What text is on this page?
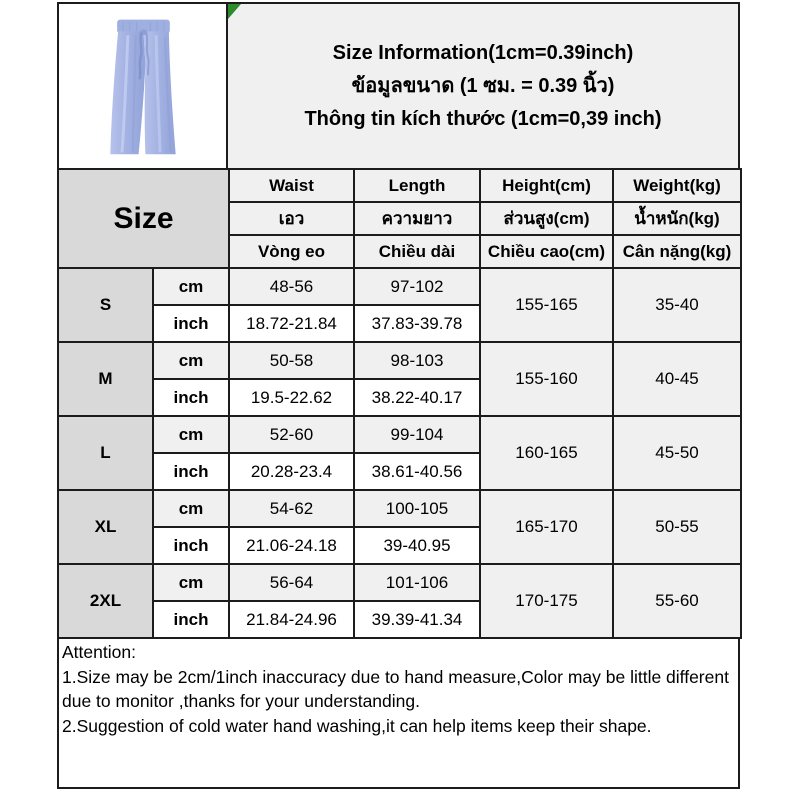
Size Information(1cm=0.39inch)
ข้อมูลขนาด (1 ซม. = 0.39 นิ้ว)
Thông tin kích thước (1cm=0,39 inch)
Size		Waist	Length	Height(cm)	Weight(kg)
		เอว	ความยาว	ส่วนสูง(cm)	น้ำหนัก(kg)
		Vòng eo	Chiều dài	Chiều cao(cm)	Cân nặng(kg)
S	cm	48-56	97-102	155-165	35-40
	inch	18.72-21.84	37.83-39.78		
M	cm	50-58	98-103	155-160	40-45
	inch	19.5-22.62	38.22-40.17		
L	cm	52-60	99-104	160-165	45-50
	inch	20.28-23.4	38.61-40.56		
XL	cm	54-62	100-105	165-170	50-55
	inch	21.06-24.18	39-40.95		
2XL	cm	56-64	101-106	170-175	55-60
	inch	21.84-24.96	39.39-41.34		

Attention:

1.Size may be 2cm/1inch inaccuracy due to hand measure,Color may be little different due to monitor ,thanks for your understanding.

2.Suggestion of cold water hand washing,it can help items keep their shape.
